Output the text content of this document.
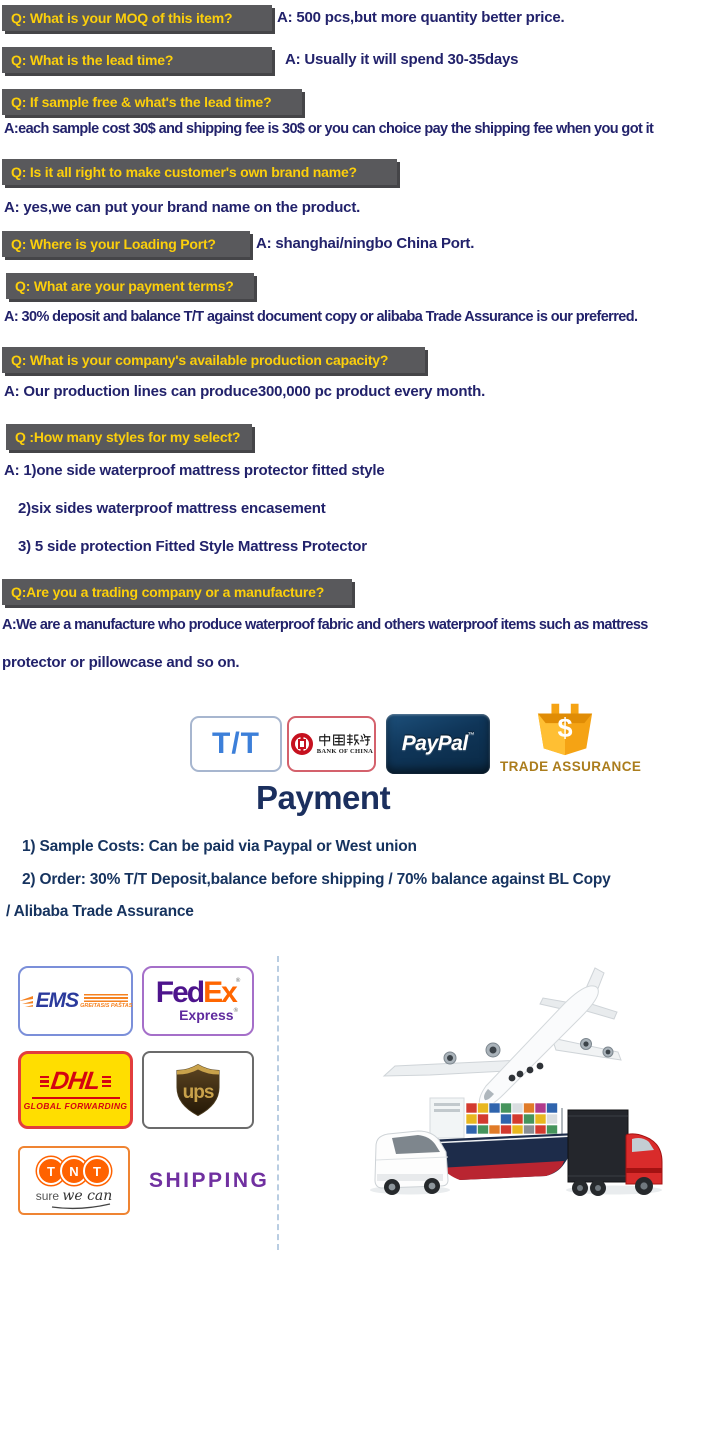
Q: What is your MOQ of this item?	A: 500 pcs,but more quantity better price.
Q: What is the lead time?	A: Usually it will spend 30-35days
Q: If sample free & what's the lead time?
A:each sample cost 30$ and shipping fee is 30$ or you can choice pay the shipping fee when you got it
Q: Is it all right to make customer's own brand name?
A: yes,we can put your brand name on the product.
Q: Where is your Loading Port?	A: shanghai/ningbo China Port.
Q: What are your payment terms?
A: 30% deposit and balance T/T against document copy or alibaba Trade Assurance is our preferred.
Q: What is your company's available production capacity?
A: Our production lines can produce300,000 pc product every month.
Q :How many styles for my select?
A: 1)one side waterproof mattress protector fitted style
2)six sides waterproof mattress encasement
3) 5 side protection Fitted Style Mattress Protector
Q:Are you a trading company or a manufacture?
A:We are a manufacture who produce waterproof fabric and others waterproof items such as mattress
protector or pillowcase and so on.
T/T	BANK OF CHINA PayPal™	$
TRADE ASSURANCE
Payment
1) Sample Costs: Can be paid via Paypal or West union
2) Order: 30% T/T Deposit,balance before shipping / 70% balance against BL Copy
/ Alibaba Trade Assurance
EMS GREITASIS PAŠTAS FedEx®
Express®
DHL
GLOBAL FORWARDING
ups
T	N	T
sure we can
SHIPPING
